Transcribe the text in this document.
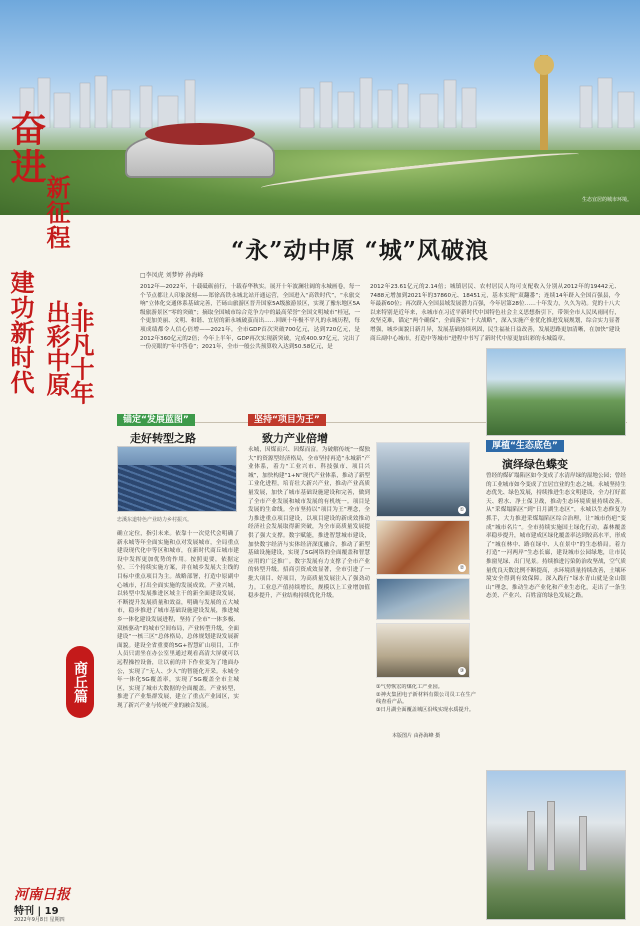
生态宜居的城市环境。
奋进
新征程
建功新时代	·非凡十年
出彩中原
商丘篇
“永”动中原 “城”风破浪
□李凤虎 刘梦婷 孙海峰
2012年—2022年，十载砥砺前行，十载春华秋实。展开十年波澜壮阔的永城画卷，每一个节点都让人印象深刻——郑徐高铁永城北站开通运营，全国进入“高铁时代”，“永旅交响”立体化交通体系基础完善，芒砀山旅游区晋升国家5A级旅游景区，实现了豫东地区5A级旅游景区“零的突破”；摘取全国城市综合竞争力中的最高荣誉“全国文明城市”桂冠，一个更加美丽、文明、和谐、宜居的新永城破茧而出……回顾十年极不平凡的永城历程，每项成绩都令人信心倍增——2021年，全市GDP首次突破700亿元，达到720亿元，是2012年360亿元的2倍；今年上半年，GDP再次实现新突破，完成400.97亿元，完出了一份亮眼的“年中答卷”；2021年，全市一般公共预算收入达到50.58亿元，是
2012年23.61亿元的2.14倍；城镇居民、农村居民人均可支配收入分别从2012年的19442元、7488元增加到2021年的37860元、18451元，基本实现“双翻番”；连续14年跻入全国百强县，今年最新60位；再次跻入全国县域发展潜力百强，今年居第28位……十年发力，久久为功。党的十八大以来特别是近年来，永城市在习近平新时代中国特色社会主义思想指引下，带领全市人民凤雨同行，攻坚克难，锚定“两个确保”，全面落实“十大战略”，深入实施产业优化推进发展规划，综合实力显著增强，城乡面貌日新月异，发展基础持续巩固，民生福祉日益改善，发展思路更加清晰，在加快“建设商丘副中心城市，打造中等城市“进程中书写了新时代中原更加出彩的永城篇章。
锚定“发展蓝图”
走好转型之路
忠溪东道特色产业助力乡村振兴。
确立定位，指引未来。依靠十一次党代会明确了新永城等年全面实施和点对发展城市，全局重点建设现代化中等区和城市，在新时代商丘城市建设中发挥更加优势的作用。按照更要，依据定位、三个持续实施方案，并在城乡发展大主线的目标中重点项目为主。战略部署，打造中原副中心城市，打出全面实施的发展成效。产业兴城，以转型中发展推进区域主干的新全面建设发展，不断提升发展质量和效益，明确与发展的五大城市，稳步推进了城市基础设施建设发展，推进城乡一体化建设发展进程，坚持了全市“一体多极、双核驱动”的城市空间布局，产业转型升级，全面建设“一核三区”总体格局，总体规划建设发展新面貌。建设全省重要的5G+智慧矿山项目，工作人员只需坐在办公室里通过观看高清大屏就可以远程操控设备，让以前的井下作业变为了地面办公，实现了“无人、少人”的智能化开采。永城全年一体化5G覆盖率，实现了5G覆盖全市主城区，实现了城市大数据的全面覆盖。产业转型，推进了产业集群发展，建立了重点产业园区，实现了新兴产业与传统产业的融合发展。
坚持“项目为王”
致力产业倍增
永城，因煤而兴、因煤而富。为破解传统“一煤独大”的资源型经济格局，全市坚持再造“永城新”产业体系，着力“工业兴市、科技强市、项目兴城”，加快构建“1+N”现代产业体系，推动了新型工业化进程，培育壮大新兴产业，推动产业高质量发展，加快了城市基础设施建设和完善，做到了全市产业发展和城市发展的有机统一。项目是发展的生命线。全市坚持以“项目为王”理念，全力推进重点项目建设，以项目建设的新成效推动经济社会发展取得新突破，为全市高质量发展提供了强大支撑。数字赋能，推进智慧城市建设，加快数字经济与实体经济深度融合，推动了新型基础设施建设，实现了5G网络的全面覆盖和智慧应用的广泛推广。数字发展有力支撑了全市产业的转型升级。招商引资成效显著，全市引进了一批大项目、好项目，为高质量发展注入了强劲动力。工业总产值持续增长，规模以上工业增加值稳步提升，产业结构持续优化升级。
①
②
③
①气势恢宏的煤化工产业园。
②神火集团电子新材料有限公司员工在生产线查看产品。
③日月湖全面覆盖城区沿线实现水质提升。
本版图片 由孙海峰 摄
厚植“生态底色”
演绎绿色蝶变
曾经的煤矿塌陷区如今变成了水清岸绿的湿地公园；曾经的工业城市如今变成了宜居宜业的生态之城。永城坚持生态优先、绿色发展，持续推进生态文明建设，全力打好蓝天、碧水、净土保卫战，推动生态环境质量持续改善。从“采煤塌陷区”到“日月湖生态区”，永城以生态修复为抓手，大力推进采煤塌陷区综合治理，让“城市伤疤”变成“城市名片”。全市持续实施国土绿化行动，森林覆盖率稳步提升，城市建成区绿化覆盖率达到较高水平，形成了“城在林中、路在绿中、人在景中”的生态格局。着力打造“一河两岸”生态长廊，建设城市公园绿地，让市民推窗见绿、出门见景。持续推进污染防治攻坚战，空气质量优良天数比例不断提高，水环境质量持续改善，土壤环境安全得到有效保障。深入践行“绿水青山就是金山银山”理念，推动生态产业化和产业生态化，走出了一条生态美、产业兴、百姓富的绿色发展之路。
河南日报
特刊 | 19
2022年9月8日 星期四
